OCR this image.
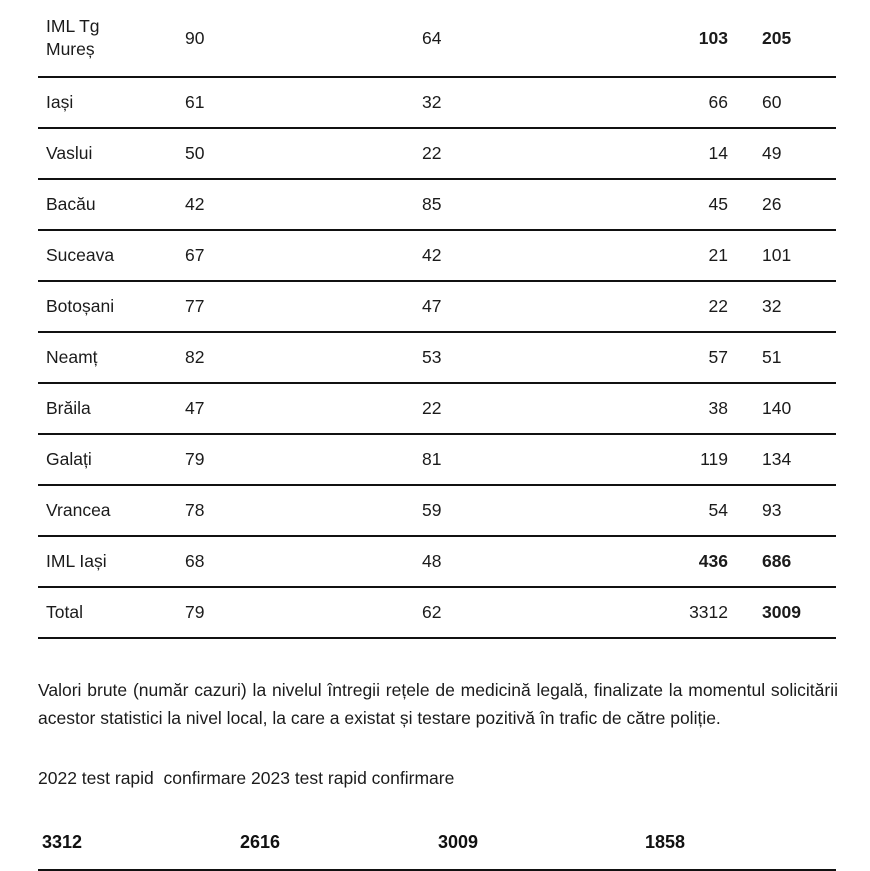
IML Tg
Mureș	90	64	103	205
Iași	61	32	66	60
Vaslui	50	22	14	49
Bacău	42	85	45	26
Suceava	67	42	21	101
Botoșani	77	47	22	32
Neamț	82	53	57	51
Brăila	47	22	38	140
Galați	79	81	119	134
Vrancea	78	59	54	93
IML Iași	68	48	436	686
Total	79	62	3312	3009

Valori brute (număr cazuri) la nivelul întregii rețele de medicină legală, finalizate la momentul solicitării acestor statistici la nivel local, la care a existat și testare pozitivă în trafic de către poliție.

2022 test rapid  confirmare 2023 test rapid confirmare
3312	2616	3009	1858
